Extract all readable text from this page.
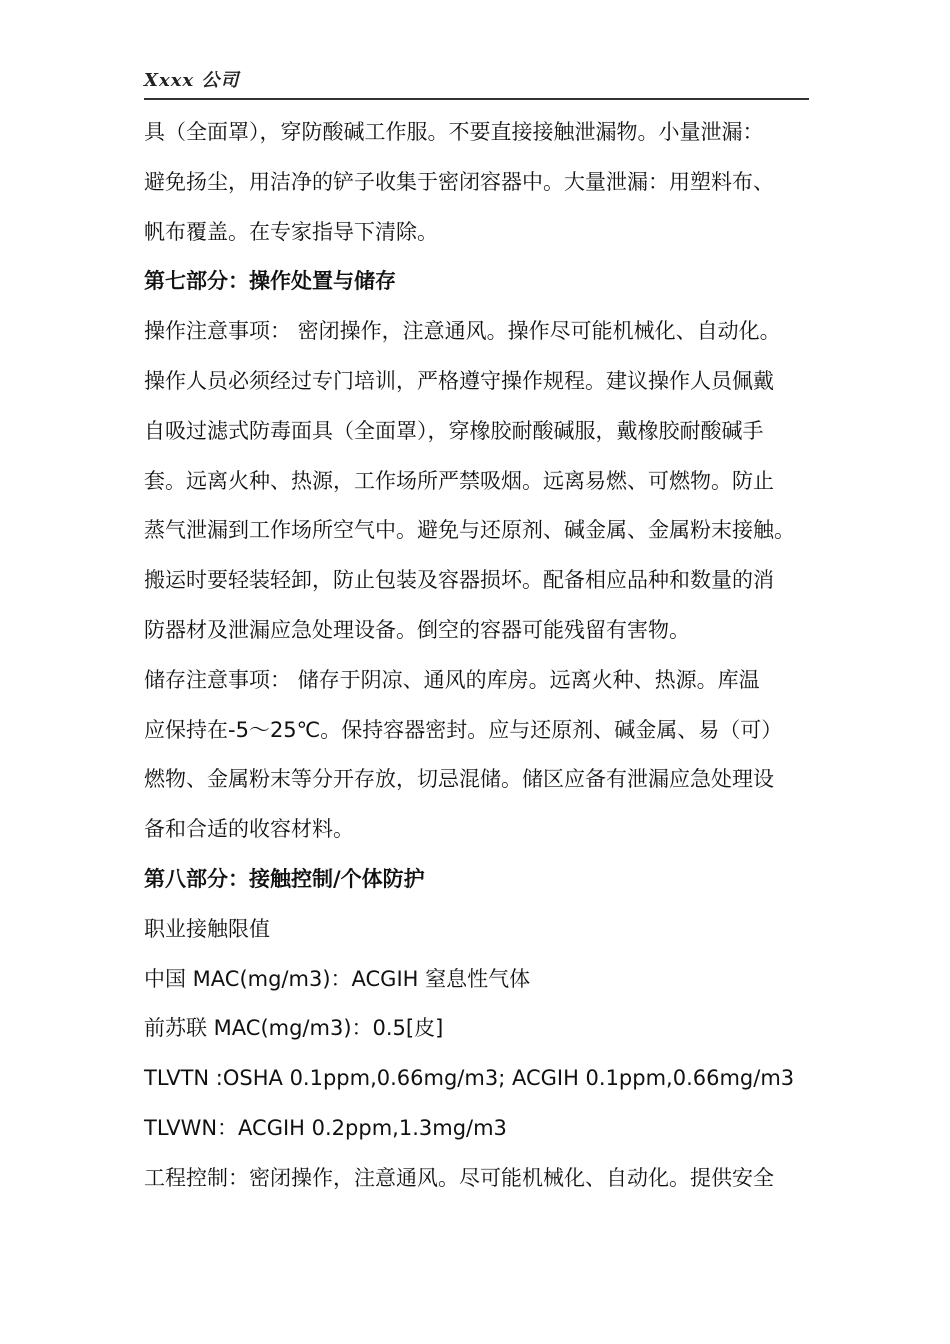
Xxxx 公司
具（全面罩），穿防酸碱工作服。不要直接接触泄漏物。小量泄漏：
避免扬尘，用洁净的铲子收集于密闭容器中。大量泄漏：用塑料布、
帆布覆盖。在专家指导下清除。
第七部分：操作处置与储存
操作注意事项： 密闭操作，注意通风。操作尽可能机械化、自动化。
操作人员必须经过专门培训，严格遵守操作规程。建议操作人员佩戴
自吸过滤式防毒面具（全面罩），穿橡胶耐酸碱服，戴橡胶耐酸碱手
套。远离火种、热源，工作场所严禁吸烟。远离易燃、可燃物。防止
蒸气泄漏到工作场所空气中。避免与还原剂、碱金属、金属粉末接触。
搬运时要轻装轻卸，防止包装及容器损坏。配备相应品种和数量的消
防器材及泄漏应急处理设备。倒空的容器可能残留有害物。
储存注意事项： 储存于阴凉、通风的库房。远离火种、热源。库温
应保持在-5～25℃。保持容器密封。应与还原剂、碱金属、易（可）
燃物、金属粉末等分开存放，切忌混储。储区应备有泄漏应急处理设
备和合适的收容材料。
第八部分：接触控制/个体防护
职业接触限值
中国 MAC(mg/m3)：ACGIH 窒息性气体
前苏联 MAC(mg/m3)：0.5[皮]
TLVTN :OSHA 0.1ppm,0.66mg/m3; ACGIH 0.1ppm,0.66mg/m3
TLVWN：ACGIH 0.2ppm,1.3mg/m3
工程控制：密闭操作，注意通风。尽可能机械化、自动化。提供安全
